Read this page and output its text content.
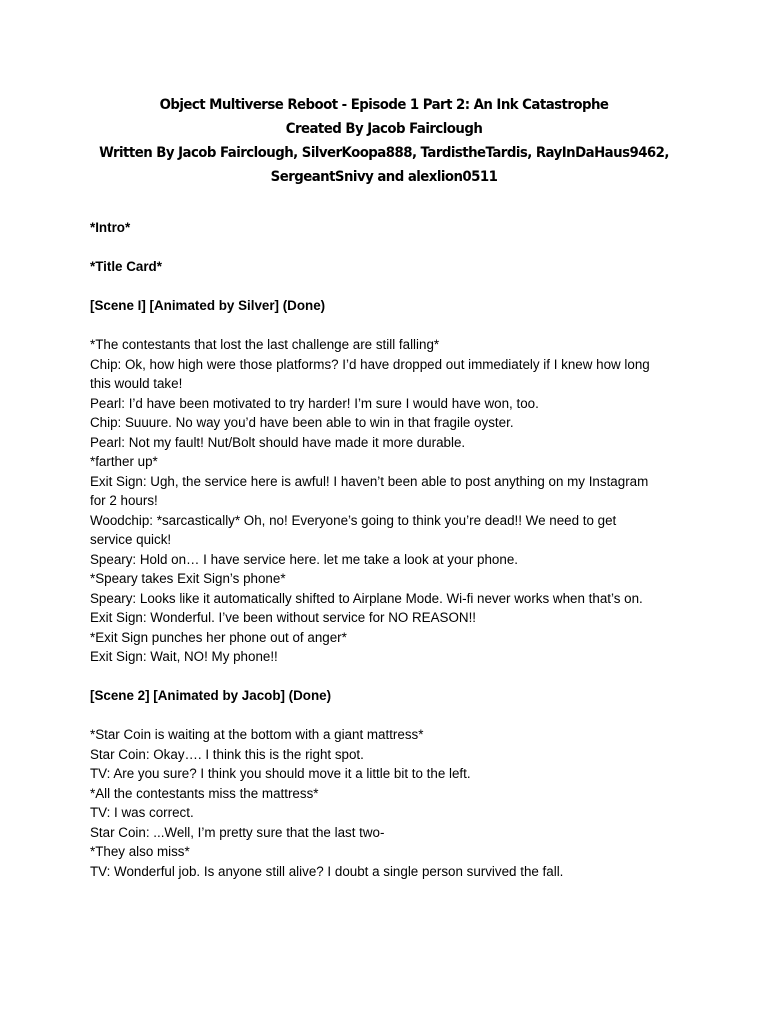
Object Multiverse Reboot - Episode 1 Part 2: An Ink Catastrophe
Created By Jacob Fairclough
Written By Jacob Fairclough, SilverKoopa888, TardistheTardis, RayInDaHaus9462,
SergeantSnivy and alexlion0511

*Intro*

*Title Card*

[Scene I] [Animated by Silver] (Done)

*The contestants that lost the last challenge are still falling*

Chip: Ok, how high were those platforms? I’d have dropped out immediately if I knew how long

this would take!

Pearl: I’d have been motivated to try harder! I’m sure I would have won, too.

Chip: Suuure. No way you’d have been able to win in that fragile oyster.

Pearl: Not my fault! Nut/Bolt should have made it more durable.

*farther up*

Exit Sign: Ugh, the service here is awful! I haven’t been able to post anything on my Instagram

for 2 hours!

Woodchip: *sarcastically* Oh, no! Everyone’s going to think you’re dead!! We need to get

service quick!

Speary: Hold on… I have service here. let me take a look at your phone.

*Speary takes Exit Sign’s phone*

Speary: Looks like it automatically shifted to Airplane Mode. Wi-fi never works when that’s on.

Exit Sign: Wonderful. I’ve been without service for NO REASON!!

*Exit Sign punches her phone out of anger*

Exit Sign: Wait, NO! My phone!!

[Scene 2] [Animated by Jacob] (Done)

*Star Coin is waiting at the bottom with a giant mattress*

Star Coin: Okay…. I think this is the right spot.

TV: Are you sure? I think you should move it a little bit to the left.

*All the contestants miss the mattress*

TV: I was correct.

Star Coin: ...Well, I’m pretty sure that the last two-

*They also miss*

TV: Wonderful job. Is anyone still alive? I doubt a single person survived the fall.
